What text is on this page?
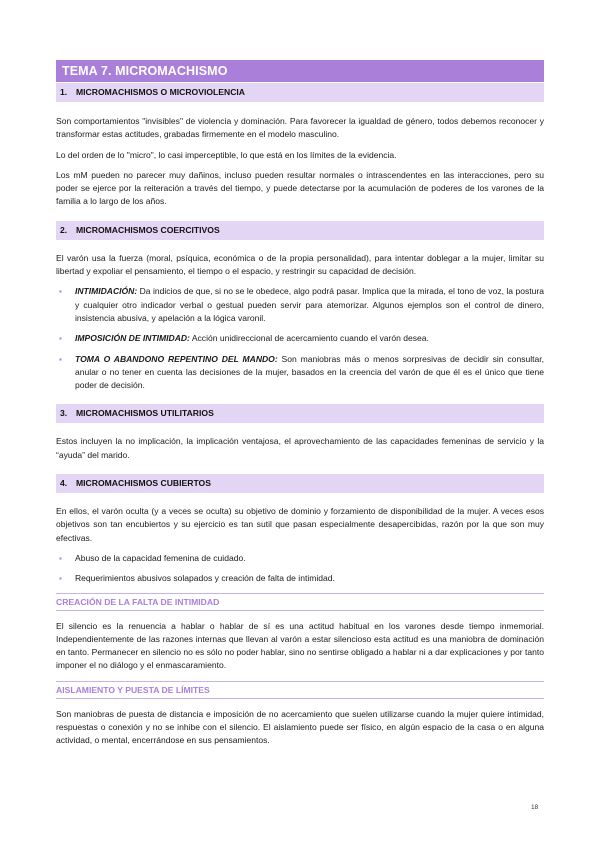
TEMA 7. MICROMACHISMO
1. MICROMACHISMOS O MICROVIOLENCIA

Son comportamientos "invisibles" de violencia y dominación. Para favorecer la igualdad de género, todos debemos reconocer y transformar estas actitudes, grabadas firmemente en el modelo masculino.

Lo del orden de lo "micro", lo casi imperceptible, lo que está en los límites de la evidencia.

Los mM pueden no parecer muy dañinos, incluso pueden resultar normales o intrascendentes en las interacciones, pero su poder se ejerce por la reiteración a través del tiempo, y puede detectarse por la acumulación de poderes de los varones de la familia a lo largo de los años.

2. MICROMACHISMOS COERCITIVOS

El varón usa la fuerza (moral, psíquica, económica o de la propia personalidad), para intentar doblegar a la mujer, limitar su libertad y expoliar el pensamiento, el tiempo o el espacio, y restringir su capacidad de decisión.

▪ INTIMIDACIÓN: Da indicios de que, si no se le obedece, algo podrá pasar. Implica que la mirada, el tono de voz, la postura y cualquier otro indicador verbal o gestual pueden servir para atemorizar. Algunos ejemplos son el control de dinero, insistencia abusiva, y apelación a la lógica varonil.
▪ IMPOSICIÓN DE INTIMIDAD: Acción unidireccional de acercamiento cuando el varón desea.
▪ TOMA O ABANDONO REPENTINO DEL MANDO: Son maniobras más o menos sorpresivas de decidir sin consultar, anular o no tener en cuenta las decisiones de la mujer, basados en la creencia del varón de que él es el único que tiene poder de decisión.
3. MICROMACHISMOS UTILITARIOS

Estos incluyen la no implicación, la implicación ventajosa, el aprovechamiento de las capacidades femeninas de servicio y la “ayuda” del marido.

4. MICROMACHISMOS CUBIERTOS

En ellos, el varón oculta (y a veces se oculta) su objetivo de dominio y forzamiento de disponibilidad de la mujer. A veces esos objetivos son tan encubiertos y su ejercicio es tan sutil que pasan especialmente desapercibidas, razón por la que son muy efectivas.

▪ Abuso de la capacidad femenina de cuidado.
▪ Requerimientos abusivos solapados y creación de falta de intimidad.
CREACIÓN DE LA FALTA DE INTIMIDAD

El silencio es la renuencia a hablar o hablar de sí es una actitud habitual en los varones desde tiempo inmemorial. Independientemente de las razones internas que llevan al varón a estar silencioso esta actitud es una maniobra de dominación en tanto. Permanecer en silencio no es sólo no poder hablar, sino no sentirse obligado a hablar ni a dar explicaciones y por tanto imponer el no diálogo y el enmascaramiento.

AISLAMIENTO Y PUESTA DE LÍMITES

Son maniobras de puesta de distancia e imposición de no acercamiento que suelen utilizarse cuando la mujer quiere intimidad, respuestas o conexión y no se inhibe con el silencio. El aislamiento puede ser físico, en algún espacio de la casa o en alguna actividad, o mental, encerrándose en sus pensamientos.

18
